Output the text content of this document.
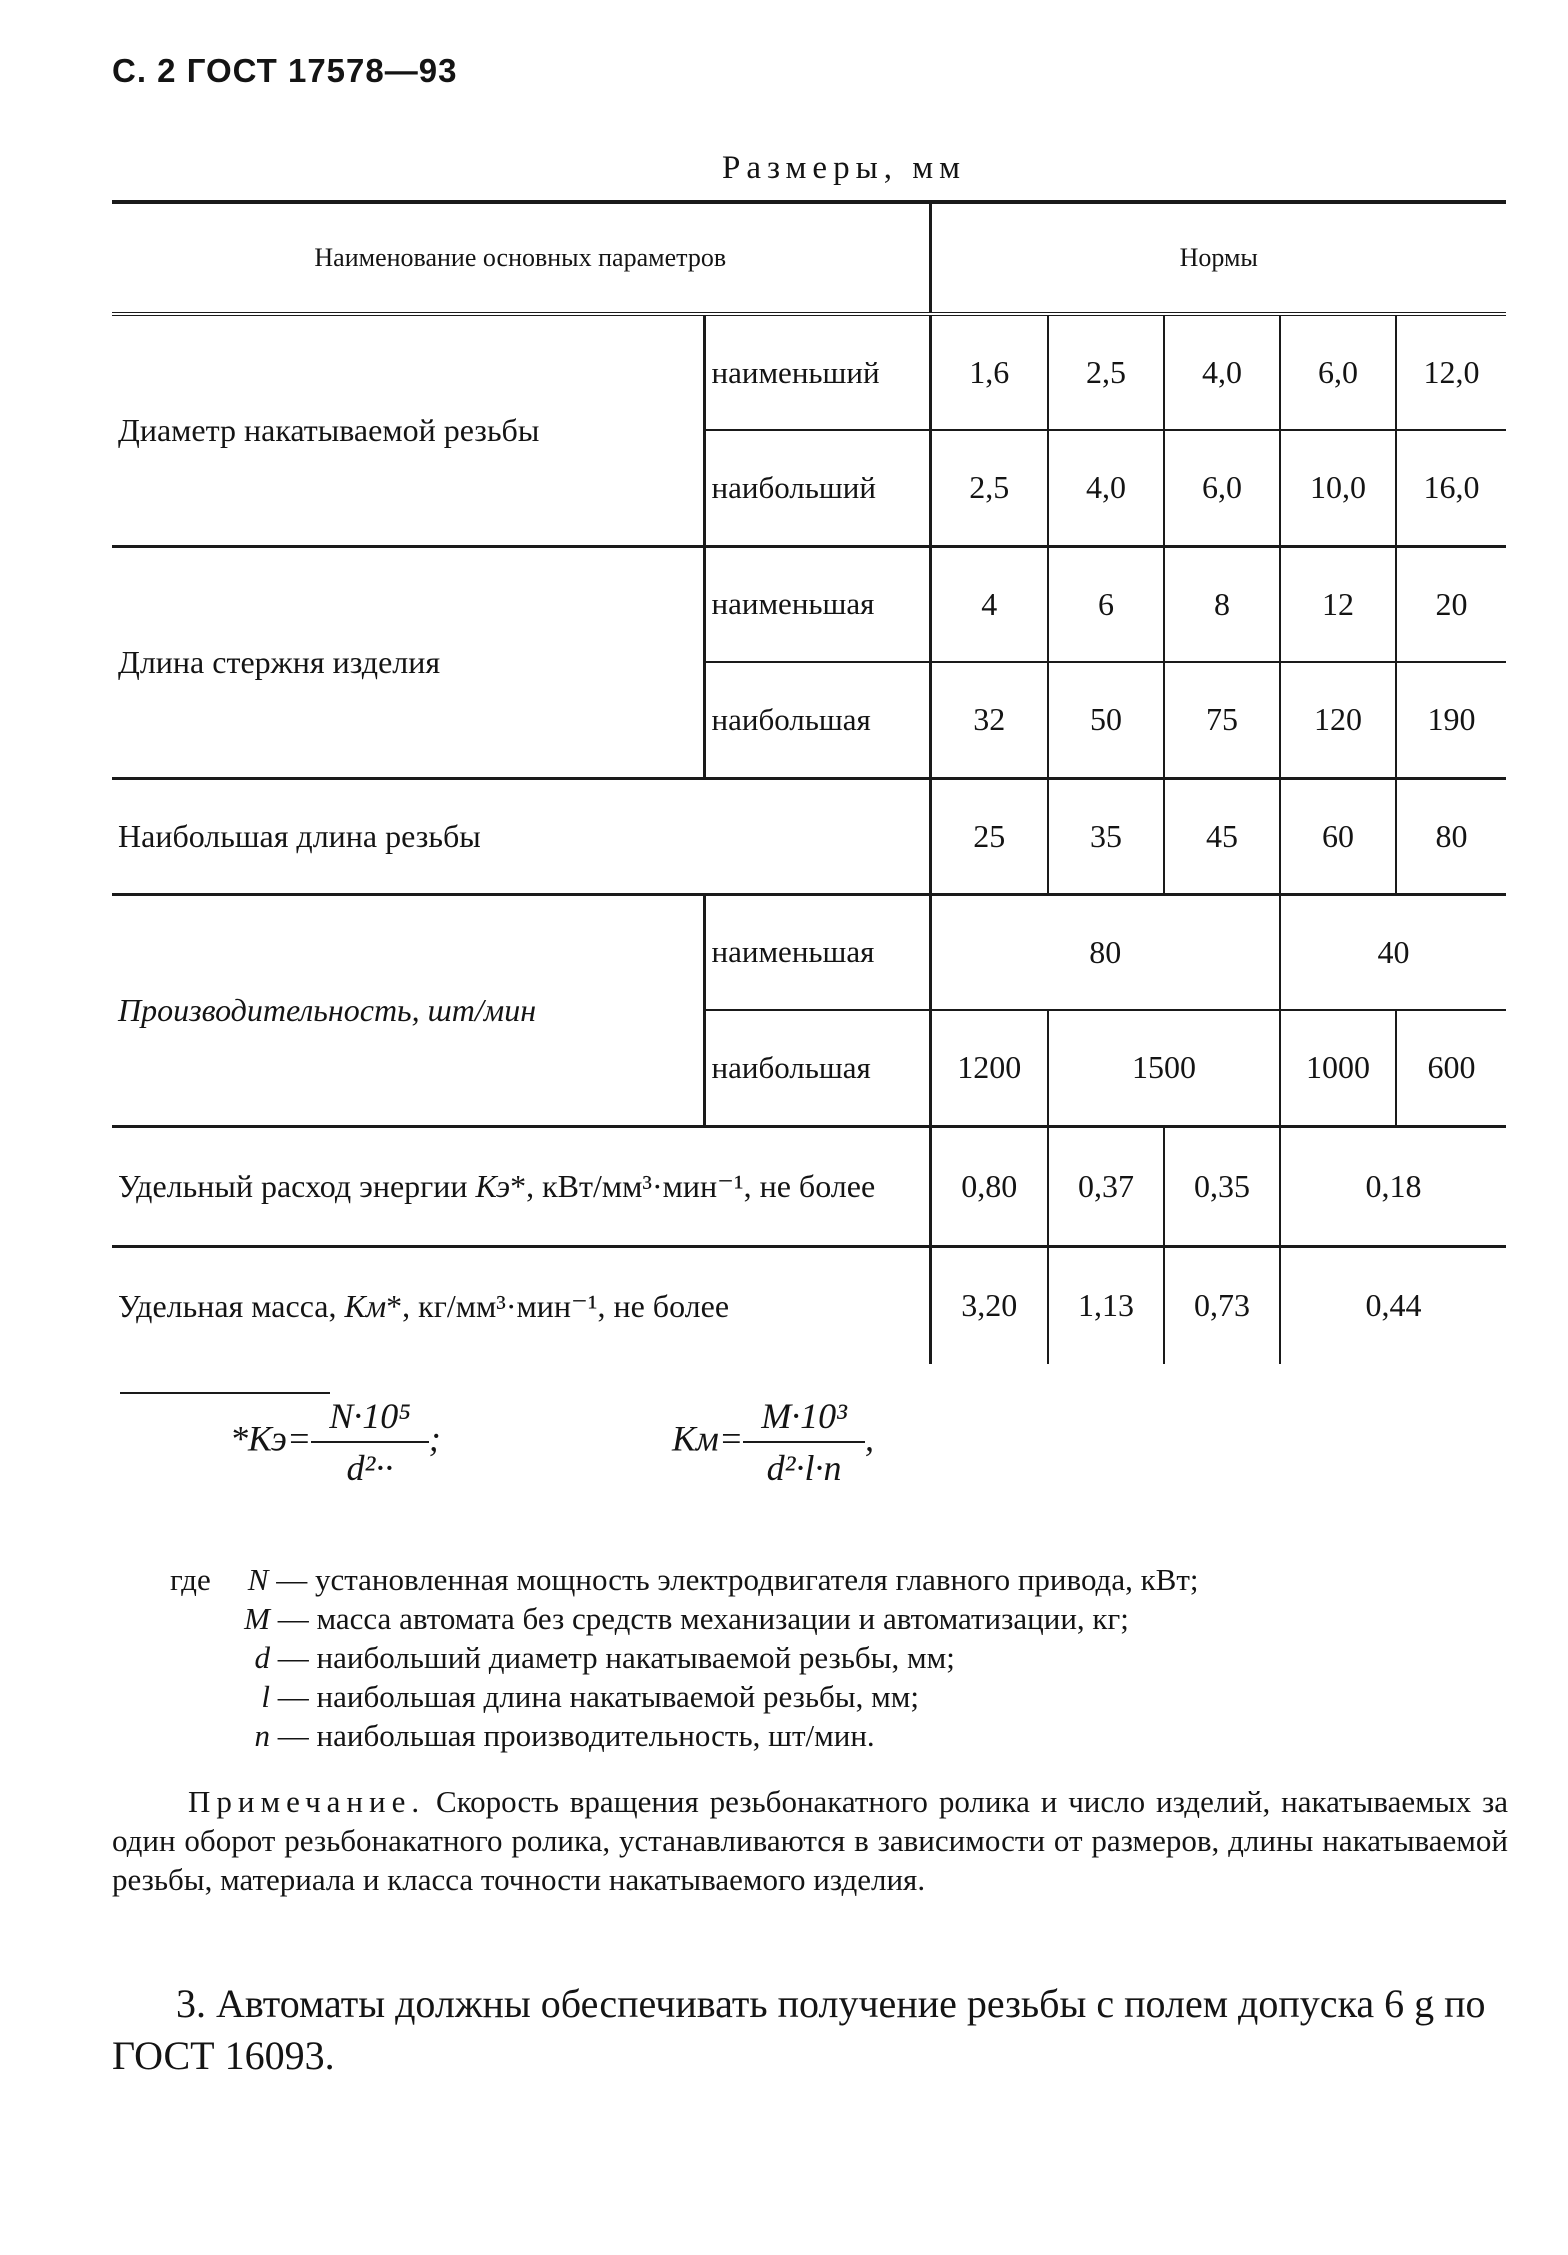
С. 2 ГОСТ 17578—93
Размеры, мм
Наименование основных параметров		Нормы				
Диаметр накатываемой резьбы	наименьший	1,6	2,5	4,0	6,0	12,0
	наибольший	2,5	4,0	6,0	10,0	16,0
Длина стержня изделия	наименьшая	4	6	8	12	20
	наибольшая	32	50	75	120	190
Наибольшая длина резьбы		25	35	45	60	80
Производительность, шт/мин	наименьшая	80			40	
	наибольшая	1200	1500		1000	600
Удельный расход энергии Кэ*, кВт/мм³·мин⁻¹, не более		0,80	0,37	0,35	0,18	
Удельная масса, Км*, кг/мм³·мин⁻¹, не более		3,20	1,13	0,73	0,44	
$*Кэ= \frac{\text{N·10⁵}}{\text{d²··}}$ ;	$Км= \frac{\text{M·10³}}{\text{d²·l·n}}$ ,
где N — установленная мощность электродвигателя главного привода, кВт;
M — масса автомата без средств механизации и автоматизации, кг;
d — наибольший диаметр накатываемой резьбы, мм;
l — наибольшая длина накатываемой резьбы, мм;
n — наибольшая производительность, шт/мин.
Примечание. Скорость вращения резьбонакатного ролика и число изделий, накатываемых за один оборот резьбонакатного ролика, устанавливаются в зависимости от размеров, длины накатываемой резьбы, материала и класса точности накатываемого изделия.
3. Автоматы должны обеспечивать получение резьбы с полем допуска 6 g по ГОСТ 16093.
